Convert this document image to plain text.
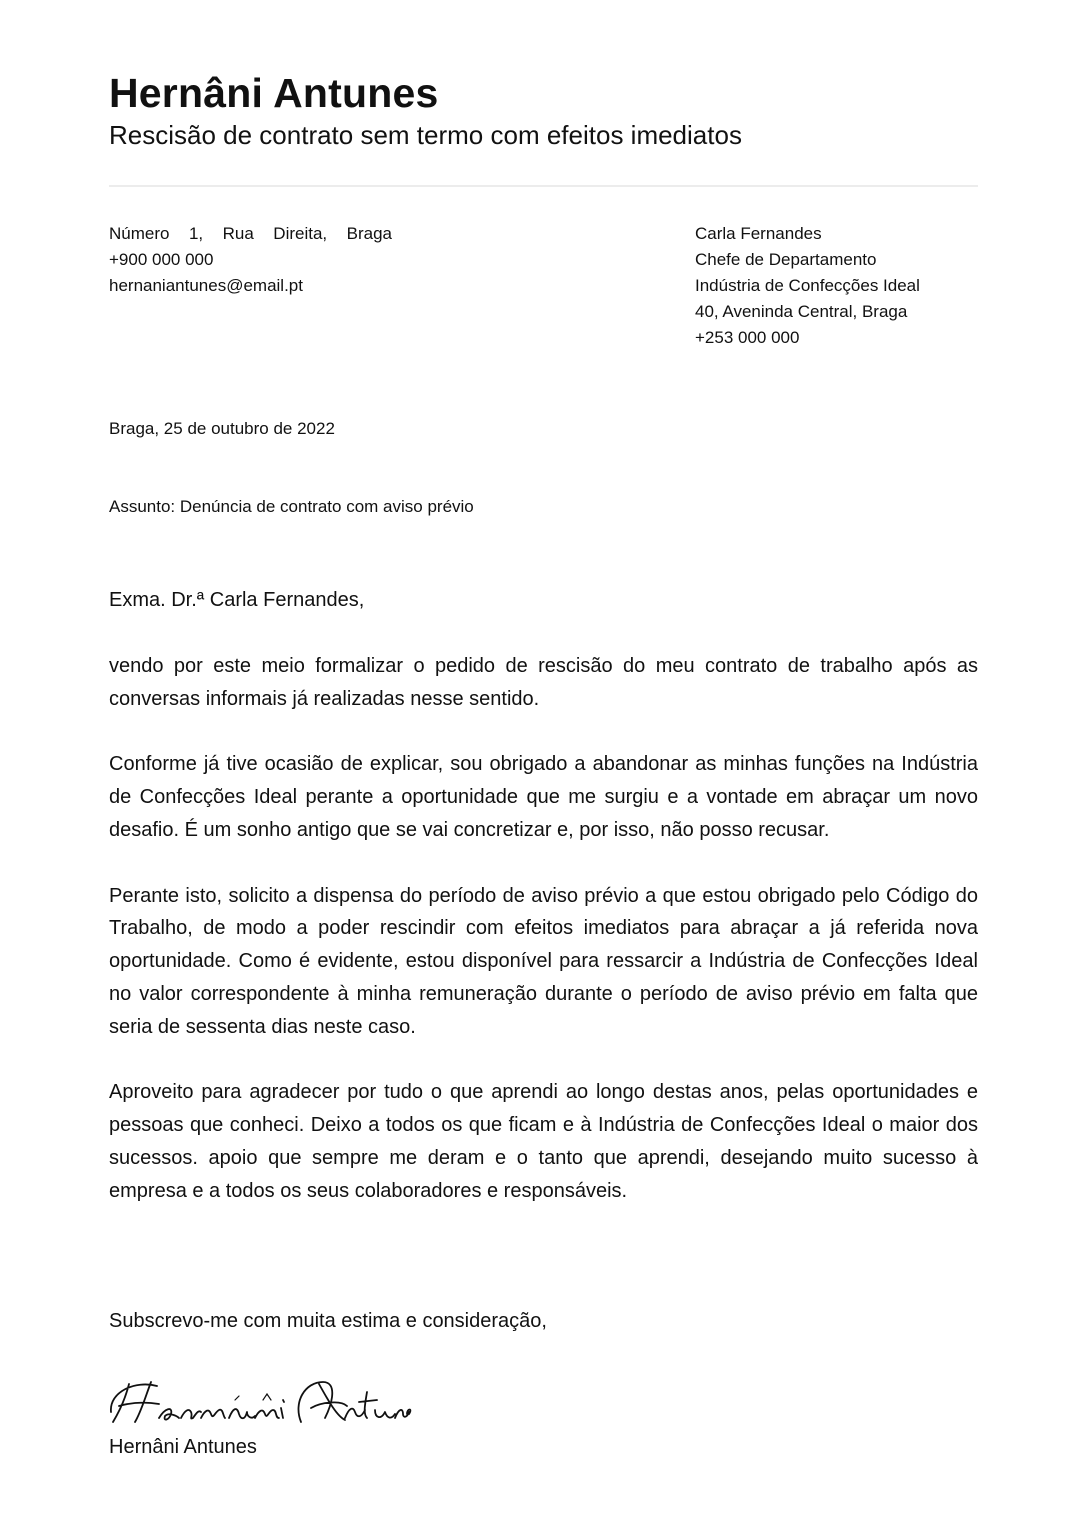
Hernâni Antunes
Rescisão de contrato sem termo com efeitos imediatos
Número 1, Rua Direita, Braga
+900 000 000
hernaniantunes@email.pt
Carla Fernandes
Chefe de Departamento
Indústria de Confecções Ideal
40, Aveninda Central, Braga
+253 000 000
Braga, 25 de outubro de 2022
Assunto: Denúncia de contrato com aviso prévio
Exma. Dr.ª Carla Fernandes,

vendo por este meio formalizar o pedido de rescisão do meu contrato de trabalho após as conversas informais já realizadas nesse sentido.

Conforme já tive ocasião de explicar, sou obrigado a abandonar as minhas funções na Indústria de Confecções Ideal perante a oportunidade que me surgiu e a vontade em abraçar um novo desafio. É um sonho antigo que se vai concretizar e, por isso, não posso recusar.

Perante isto, solicito a dispensa do período de aviso prévio a que estou obrigado pelo Código do Trabalho, de modo a poder rescindir com efeitos imediatos para abraçar a já referida nova oportunidade. Como é evidente, estou disponível para ressarcir a Indústria de Confecções Ideal no valor correspondente à minha remuneração durante o período de aviso prévio em falta que seria de sessenta dias neste caso.

Aproveito para agradecer por tudo o que aprendi ao longo destas anos, pelas oportunidades e pessoas que conheci. Deixo a todos os que ficam e à Indústria de Confecções Ideal o maior dos sucessos. apoio que sempre me deram e o tanto que aprendi, desejando muito sucesso à empresa e a todos os seus colaboradores e responsáveis.

Subscrevo-me com muita estima e consideração,
Hernâni Antunes
